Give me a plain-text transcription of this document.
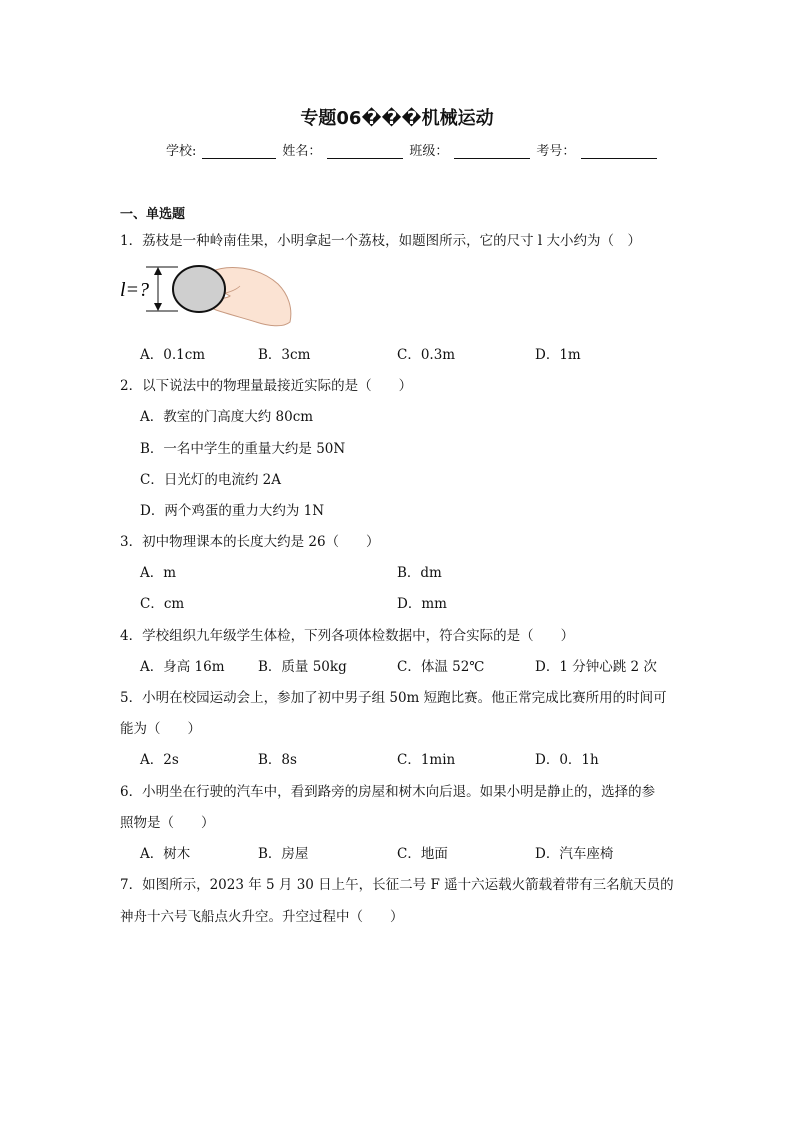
专题06���机械运动
学校:	姓名：	班级：	考号：
一、单选题
1．荔枝是一种岭南佳果，小明拿起一个荔枝，如题图所示，它的尺寸 l 大小约为（　）
l=?
A．0.1cm	B．3cm	C．0.3m	D．1m
2．以下说法中的物理量最接近实际的是（　　）
A．教室的门高度大约 80cm
B．一名中学生的重量大约是 50N
C．日光灯的电流约 2A
D．两个鸡蛋的重力大约为 1N
3．初中物理课本的长度大约是 26（　　）
A．m	B．dm
C．cm	D．mm
4．学校组织九年级学生体检，下列各项体检数据中，符合实际的是（　　）
A．身高 16m B．质量 50kg	C．体温 52℃	D．1 分钟心跳 2 次
5．小明在校园运动会上，参加了初中男子组 50m 短跑比赛。他正常完成比赛所用的时间可
能为（　　）
A．2s	B．8s	C．1min	D．0．1h
6．小明坐在行驶的汽车中，看到路旁的房屋和树木向后退。如果小明是静止的，选择的参
照物是（　　）
A．树木	B．房屋	C．地面	D．汽车座椅
7．如图所示，2023 年 5 月 30 日上午，长征二号 F 遥十六运载火箭载着带有三名航天员的
神舟十六号飞船点火升空。升空过程中（　　）
